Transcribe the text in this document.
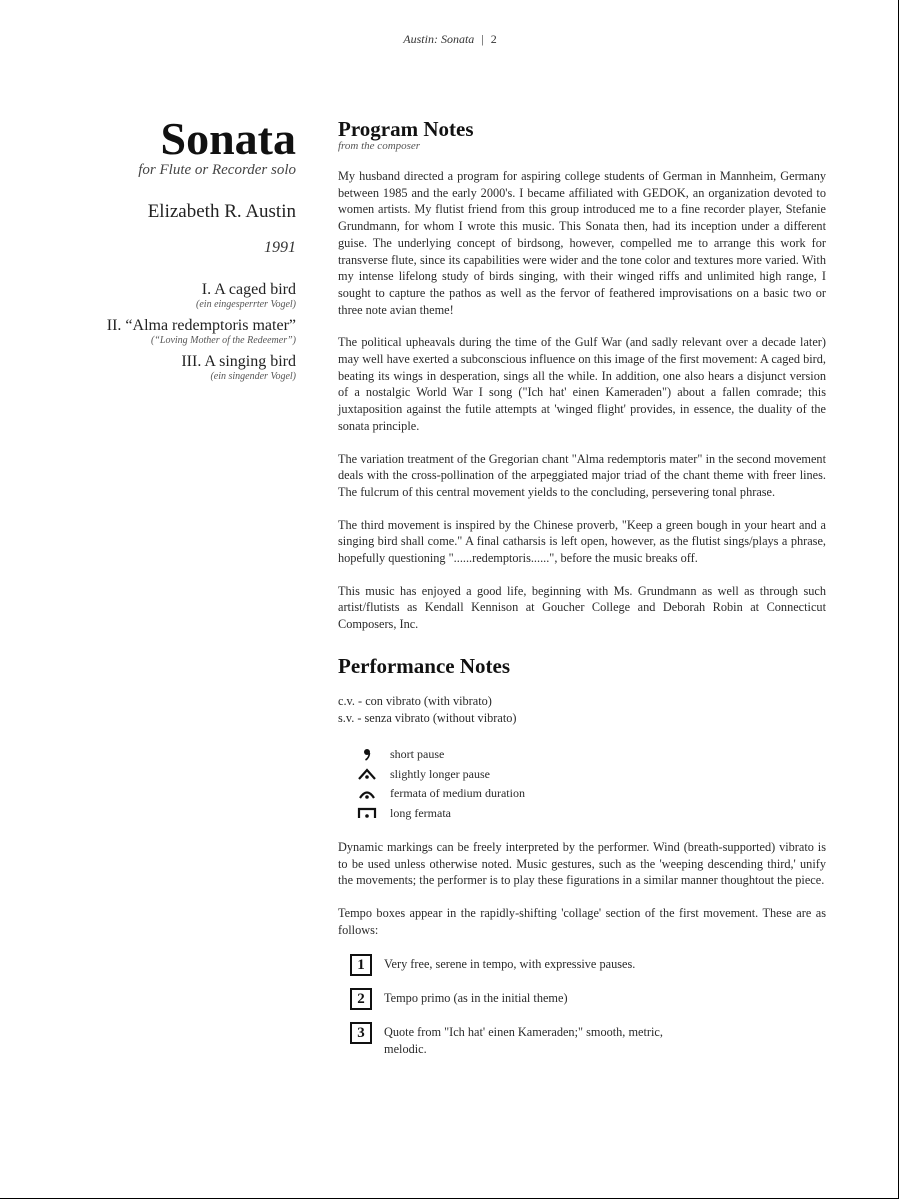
Austin: Sonata | 2
Sonata
for Flute or Recorder solo
Elizabeth R. Austin
1991
I. A caged bird
(ein eingesperrter Vogel)
II. “Alma redemptoris mater”
(“Loving Mother of the Redeemer”)
III. A singing bird
(ein singender Vogel)
Program Notes
from the composer

My husband directed a program for aspiring college students of German in Mannheim, Germany between 1985 and the early 2000's. I became affiliated with GEDOK, an organization devoted to women artists. My flutist friend from this group introduced me to a fine recorder player, Stefanie Grundmann, for whom I wrote this music. This Sonata then, had its inception under a different guise. The underlying concept of birdsong, however, compelled me to arrange this work for transverse flute, since its capabilities were wider and the tone color and textures more varied. With my intense lifelong study of birds singing, with their winged riffs and unlimited high range, I sought to capture the pathos as well as the fervor of feathered improvisations on a basic two or three note avian theme!

The political upheavals during the time of the Gulf War (and sadly relevant over a decade later) may well have exerted a subconscious influence on this image of the first movement: A caged bird, beating its wings in desperation, sings all the while. In addition, one also hears a disjunct version of a nostalgic World War I song ("Ich hat' einen Kameraden") about a fallen comrade; this juxtaposition against the futile attempts at 'winged flight' provides, in essence, the duality of the sonata principle.

The variation treatment of the Gregorian chant "Alma redemptoris mater" in the second movement deals with the cross-pollination of the arpeggiated major triad of the chant theme with freer lines. The fulcrum of this central movement yields to the concluding, persevering tonal phrase.

The third movement is inspired by the Chinese proverb, "Keep a green bough in your heart and a singing bird shall come." A final catharsis is left open, however, as the flutist sings/plays a phrase, hopefully questioning "......redemptoris......", before the music breaks off.

This music has enjoyed a good life, beginning with Ms. Grundmann as well as through such artist/flutists as Kendall Kennison at Goucher College and Deborah Robin at Connecticut Composers, Inc.

Performance Notes
c.v. - con vibrato (with vibrato)
s.v. - senza vibrato (without vibrato)
short pause
slightly longer pause
fermata of medium duration
long fermata

Dynamic markings can be freely interpreted by the performer. Wind (breath-supported) vibrato is to be used unless otherwise noted. Music gestures, such as the 'weeping descending third,' unify the movements; the performer is to play these figurations in a similar manner thoughtout the piece.

Tempo boxes appear in the rapidly-shifting 'collage' section of the first movement. These are as follows:

1	Very free, serene in tempo, with expressive pauses.
2	Tempo primo (as in the initial theme)
3	Quote from "Ich hat' einen Kameraden;" smooth, metric, melodic.
